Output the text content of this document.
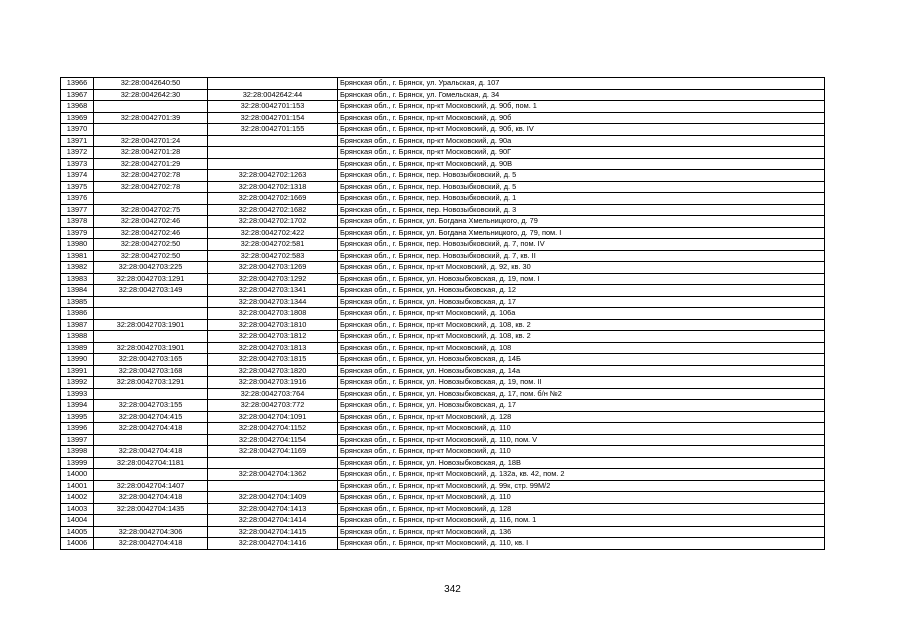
13966	32:28:0042640:50		Брянская обл., г. Брянск, ул. Уральская, д. 107
13967	32:28:0042642:30	32:28:0042642:44	Брянская обл., г. Брянск, ул. Гомельская, д. 34
13968		32:28:0042701:153	Брянская обл., г. Брянск, пр-кт Московский, д. 90б, пом. 1
13969	32:28:0042701:39	32:28:0042701:154	Брянская обл., г. Брянск, пр-кт Московский, д. 90б
13970		32:28:0042701:155	Брянская обл., г. Брянск, пр-кт Московский, д. 90б, кв. IV
13971	32:28:0042701:24		Брянская обл., г. Брянск, пр-кт Московский, д. 90а
13972	32:28:0042701:28		Брянская обл., г. Брянск, пр-кт Московский, д. 90Г
13973	32:28:0042701:29		Брянская обл., г. Брянск, пр-кт Московский, д. 90В
13974	32:28:0042702:78	32:28:0042702:1263	Брянская обл., г. Брянск, пер. Новозыбковский, д. 5
13975	32:28:0042702:78	32:28:0042702:1318	Брянская обл., г. Брянск, пер. Новозыбковский, д. 5
13976		32:28:0042702:1669	Брянская обл., г. Брянск, пер. Новозыбковский, д. 1
13977	32:28:0042702:75	32:28:0042702:1682	Брянская обл., г. Брянск, пер. Новозыбковский, д. 3
13978	32:28:0042702:46	32:28:0042702:1702	Брянская обл., г. Брянск, ул. Богдана Хмельницкого, д. 79
13979	32:28:0042702:46	32:28:0042702:422	Брянская обл., г. Брянск, ул. Богдана Хмельницкого, д. 79, пом. I
13980	32:28:0042702:50	32:28:0042702:581	Брянская обл., г. Брянск, пер. Новозыбковский, д. 7, пом. IV
13981	32:28:0042702:50	32:28:0042702:583	Брянская обл., г. Брянск, пер. Новозыбковский, д. 7, кв. II
13982	32:28:0042703:225	32:28:0042703:1269	Брянская обл., г. Брянск, пр-кт Московский, д. 92, кв. 30
13983	32:28:0042703:1291	32:28:0042703:1292	Брянская обл., г. Брянск, ул. Новозыбковская, д. 19, пом. I
13984	32:28:0042703:149	32:28:0042703:1341	Брянская обл., г. Брянск, ул. Новозыбковская, д. 12
13985		32:28:0042703:1344	Брянская обл., г. Брянск, ул. Новозыбковская, д. 17
13986		32:28:0042703:1808	Брянская обл., г. Брянск, пр-кт Московский, д. 106а
13987	32:28:0042703:1901	32:28:0042703:1810	Брянская обл., г. Брянск, пр-кт Московский, д. 108, кв. 2
13988		32:28:0042703:1812	Брянская обл., г. Брянск, пр-кт Московский, д. 108, кв. 2
13989	32:28:0042703:1901	32:28:0042703:1813	Брянская обл., г. Брянск, пр-кт Московский, д. 108
13990	32:28:0042703:165	32:28:0042703:1815	Брянская обл., г. Брянск, ул. Новозыбковская, д. 14Б
13991	32:28:0042703:168	32:28:0042703:1820	Брянская обл., г. Брянск, ул. Новозыбковская, д. 14а
13992	32:28:0042703:1291	32:28:0042703:1916	Брянская обл., г. Брянск, ул. Новозыбковская, д. 19, пом. II
13993		32:28:0042703:764	Брянская обл., г. Брянск, ул. Новозыбковская, д. 17, пом. б/н №2
13994	32:28:0042703:155	32:28:0042703:772	Брянская обл., г. Брянск, ул. Новозыбковская, д. 17
13995	32:28:0042704:415	32:28:0042704:1091	Брянская обл., г. Брянск, пр-кт Московский, д. 128
13996	32:28:0042704:418	32:28:0042704:1152	Брянская обл., г. Брянск, пр-кт Московский, д. 110
13997		32:28:0042704:1154	Брянская обл., г. Брянск, пр-кт Московский, д. 110, пом. V
13998	32:28:0042704:418	32:28:0042704:1169	Брянская обл., г. Брянск, пр-кт Московский, д. 110
13999	32:28:0042704:1181		Брянская обл., г. Брянск, ул. Новозыбковская, д. 18В
14000		32:28:0042704:1362	Брянская обл., г. Брянск, пр-кт Московский, д. 132а, кв. 42, пом. 2
14001	32:28:0042704:1407		Брянская обл., г. Брянск, пр-кт Московский, д. 99к, стр. 99М/2
14002	32:28:0042704:418	32:28:0042704:1409	Брянская обл., г. Брянск, пр-кт Московский, д. 110
14003	32:28:0042704:1435	32:28:0042704:1413	Брянская обл., г. Брянск, пр-кт Московский, д. 128
14004		32:28:0042704:1414	Брянская обл., г. Брянск, пр-кт Московский, д. 116, пом. 1
14005	32:28:0042704:306	32:28:0042704:1415	Брянская обл., г. Брянск, пр-кт Московский, д. 136
14006	32:28:0042704:418	32:28:0042704:1416	Брянская обл., г. Брянск, пр-кт Московский, д. 110, кв. I
342
